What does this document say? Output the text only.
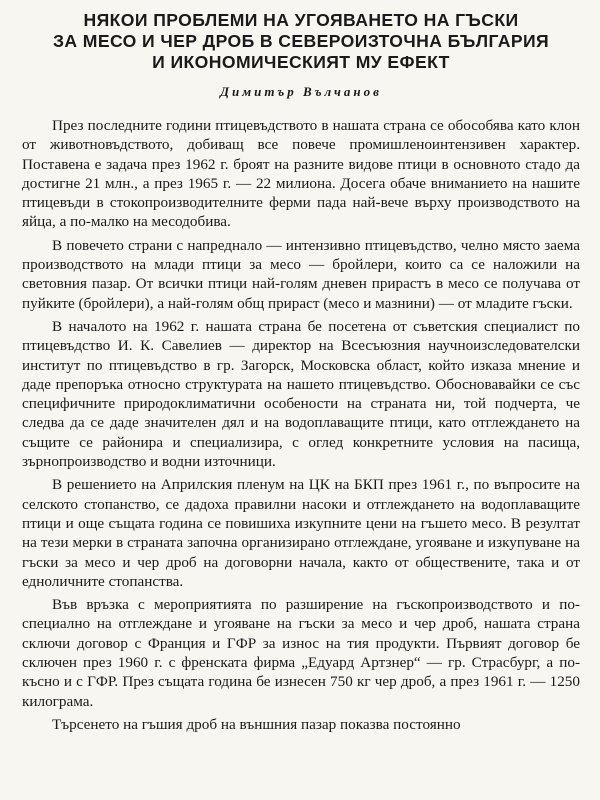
НЯКОИ ПРОБЛЕМИ НА УГОЯВАНЕТО НА ГЪСКИ
ЗА МЕСО И ЧЕР ДРОБ В СЕВЕРОИЗТОЧНА БЪЛГАРИЯ
И ИКОНОМИЧЕСКИЯТ МУ ЕФЕКТ
Димитър Вълчанов

През последните години птицевъдството в нашата страна се обособява като клон от животновъдството, добиващ все повече промишленоинтензивен характер. Поставена е задача през 1962 г. броят на разните видове птици в основното стадо да достигне 21 млн., а през 1965 г. — 22 милиона. Досега обаче вниманието на нашите птицевъди в стокопроизводителните ферми пада най-вече върху производството на яйца, а по-малко на месодобива.

В повечето страни с напреднало — интензивно птицевъдство, челно място заема производството на млади птици за месо — бройлери, които са се наложили на световния пазар. От всички птици най-голям дневен прирастъ в месо се получава от пуйките (бройлери), а най-голям общ прираст (месо и мазнини) — от младите гъски.

В началото на 1962 г. нашата страна бе посетена от съветския специалист по птицевъдство И. К. Савелиев — директор на Всесъюзния научноизследователски институт по птицевъдство в гр. Загорск, Московска област, който изказа мнение и даде препоръка относно структурата на нашето птицевъдство. Обосновавайки се със специфичните природоклиматични особености на страната ни, той подчерта, че следва да се даде значителен дял и на водоплаващите птици, като отглеждането на същите се районира и специализира, с оглед конкретните условия на пасища, зърнопроизводство и водни източници.

В решението на Априлския пленум на ЦК на БКП през 1961 г., по въпросите на селското стопанство, се дадоха правилни насоки и отглеждането на водоплаващите птици и още същата година се повишиха изкупните цени на гъшето месо. В резултат на тези мерки в страната започна организирано отглеждане, угояване и изкупуване на гъски за месо и чер дроб на договорни начала, както от обществените, така и от едноличните стопанства.

Във връзка с мероприятията по разширение на гъскопроизводството и по-специално на отглеждане и угояване на гъски за месо и чер дроб, нашата страна сключи договор с Франция и ГФР за износ на тия продукти. Първият договор бе сключен през 1960 г. с френската фирма „Едуард Артзнер“ — гр. Страсбург, а по-късно и с ГФР. През същата година бе изнесен 750 кг чер дроб, а през 1961 г. — 1250 килограма.

Търсенето на гъшия дроб на външния пазар показва постоянно
